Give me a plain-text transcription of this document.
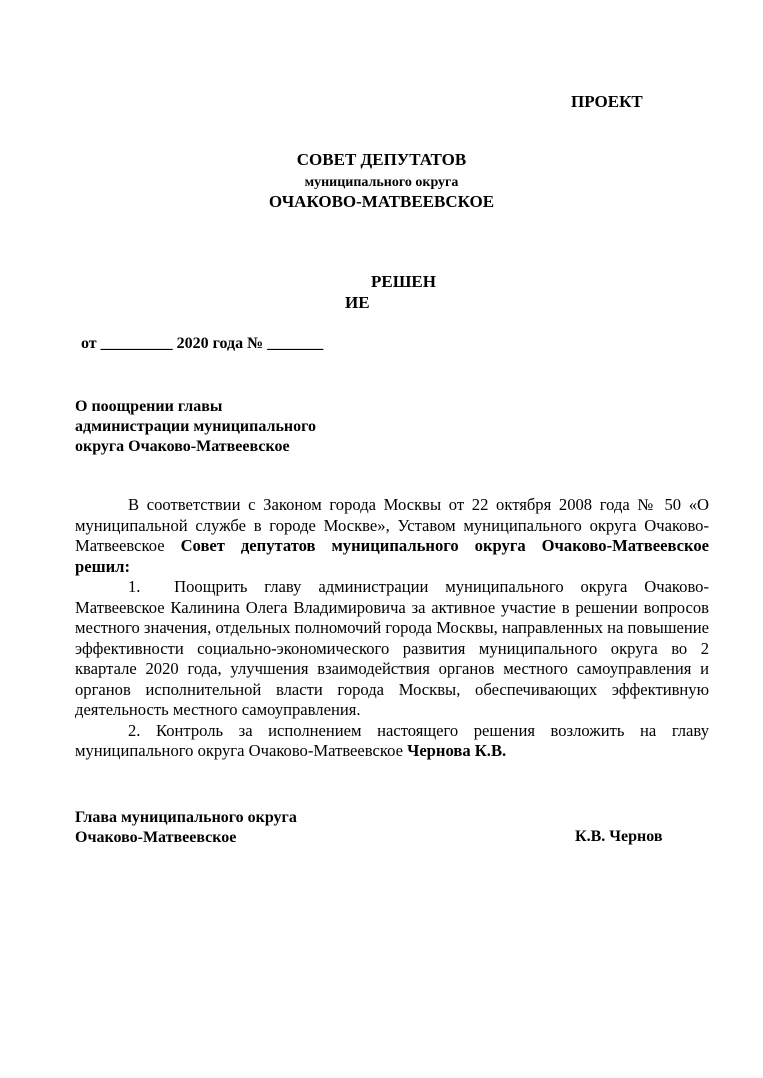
ПРОЕКТ
СОВЕТ ДЕПУТАТОВ
муниципального округа
ОЧАКОВО-МАТВЕЕВСКОЕ
РЕШЕН
ИЕ
от _________ 2020 года № _______
О поощрении главы
администрации муниципального
округа Очаково-Матвеевское

В соответствии с Законом города Москвы от 22 октября 2008 года № 50 «О муниципальной службе в городе Москве», Уставом муниципального округа Очаково-Матвеевское Совет депутатов муниципального округа Очаково-Матвеевское решил:

1.  Поощрить главу администрации муниципального округа Очаково-Матвеевское Калинина Олега Владимировича за активное участие в решении вопросов местного значения, отдельных полномочий города Москвы, направленных на повышение эффективности социально-экономического развития муниципального округа во 2 квартале 2020 года, улучшения взаимодействия органов местного самоуправления и органов исполнительной власти города Москвы, обеспечивающих эффективную деятельность местного самоуправления.

2. Контроль за исполнением настоящего решения возложить на главу муниципального округа Очаково-Матвеевское Чернова К.В.

Глава муниципального округа
Очаково-Матвеевское	К.В. Чернов
